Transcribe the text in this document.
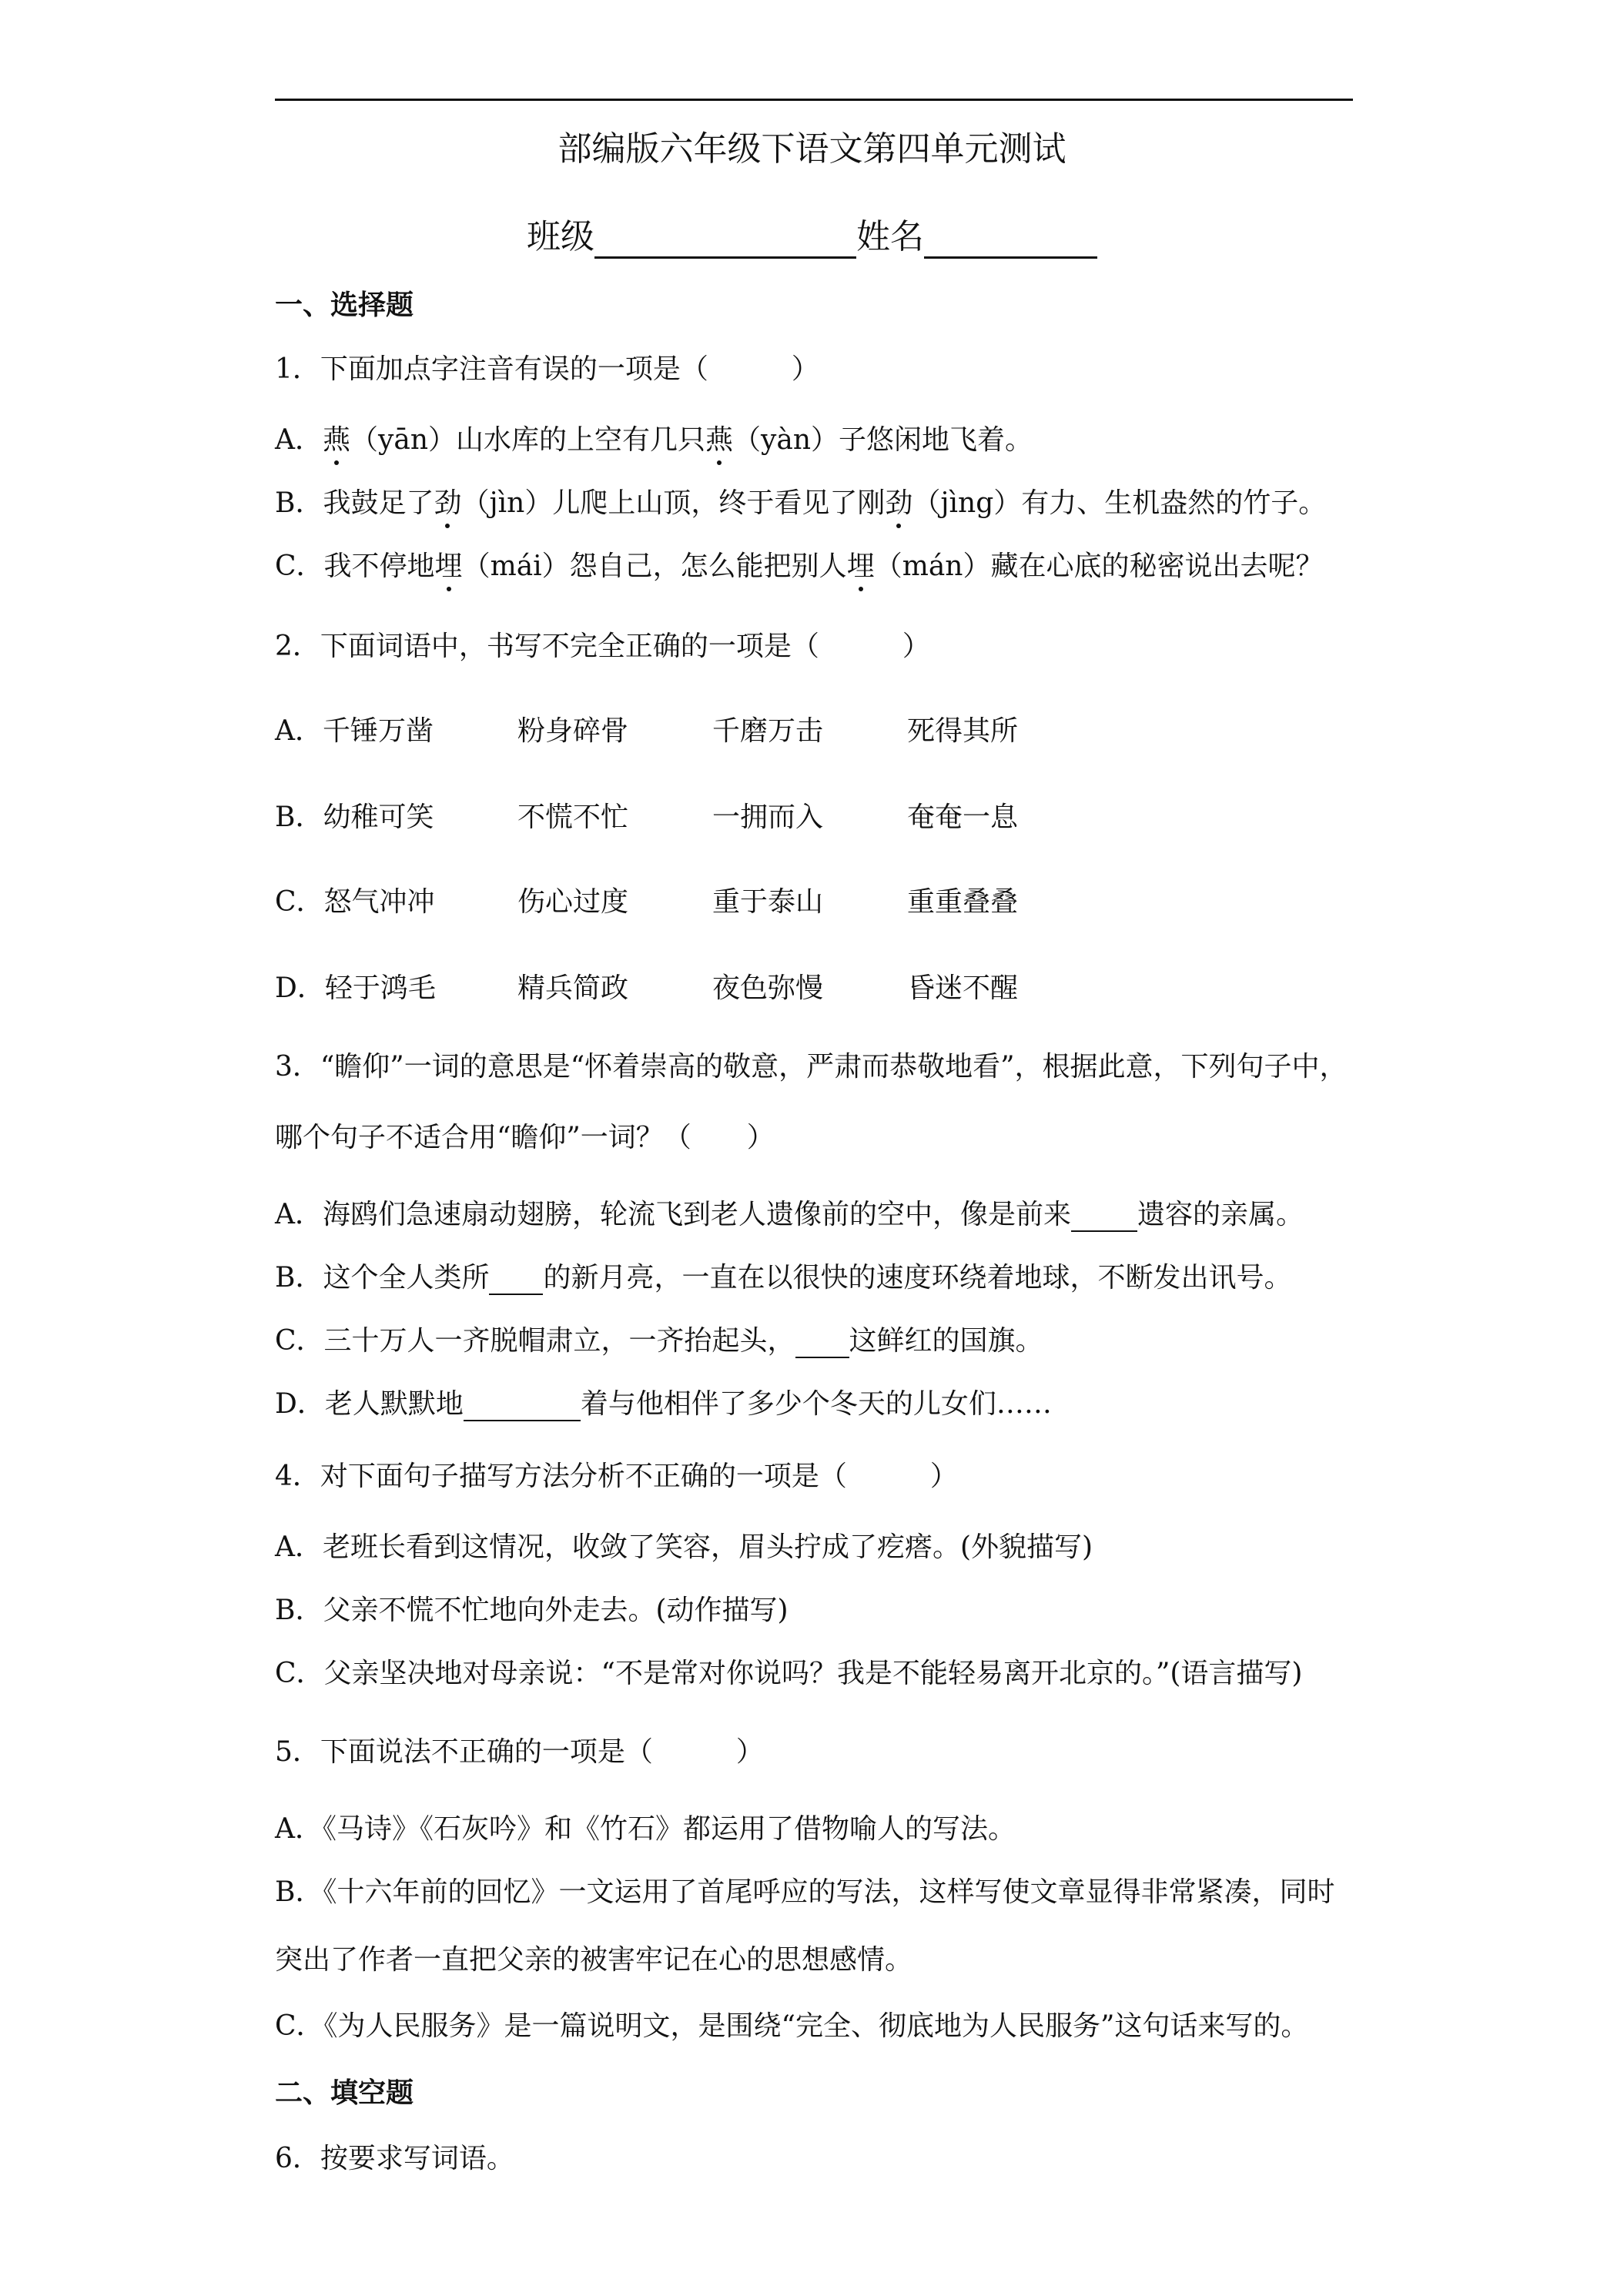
部编版六年级下语文第四单元测试
班级	姓名
一、选择题
1．下面加点字注音有误的一项是（　　　）
A．燕（yān）山水库的上空有几只燕（yàn）子悠闲地飞着。
B．我鼓足了劲（jìn）儿爬上山顶，终于看见了刚劲（jìng）有力、生机盎然的竹子。
C．我不停地埋（mái）怨自己，怎么能把别人埋（mán）藏在心底的秘密说出去呢？
2．下面词语中，书写不完全正确的一项是（　　　）
A．千锤万凿	粉身碎骨	千磨万击	死得其所
B．幼稚可笑	不慌不忙	一拥而入	奄奄一息
C．怒气冲冲	伤心过度	重于泰山	重重叠叠
D．轻于鸿毛	精兵简政	夜色弥慢	昏迷不醒
3．“瞻仰”一词的意思是“怀着崇高的敬意，严肃而恭敬地看”，根据此意，下列句子中，
哪个句子不适合用“瞻仰”一词？（　　）
A．海鸥们急速扇动翅膀，轮流飞到老人遗像前的空中，像是前来 遗容的亲属。
B．这个全人类所 的新月亮，一直在以很快的速度环绕着地球，不断发出讯号。
C．三十万人一齐脱帽肃立，一齐抬起头， 这鲜红的国旗。
D．老人默默地	着与他相伴了多少个冬天的儿女们……
4．对下面句子描写方法分析不正确的一项是（　　　）
A．老班长看到这情况，收敛了笑容，眉头拧成了疙瘩。(外貌描写)
B．父亲不慌不忙地向外走去。(动作描写)
C．父亲坚决地对母亲说：“不是常对你说吗？我是不能轻易离开北京的。”(语言描写)
5．下面说法不正确的一项是（　　　）
A．《马诗》《石灰吟》和《竹石》都运用了借物喻人的写法。
B．《十六年前的回忆》一文运用了首尾呼应的写法，这样写使文章显得非常紧凑，同时
突出了作者一直把父亲的被害牢记在心的思想感情。
C．《为人民服务》是一篇说明文，是围绕“完全、彻底地为人民服务”这句话来写的。
二、填空题
6．按要求写词语。
